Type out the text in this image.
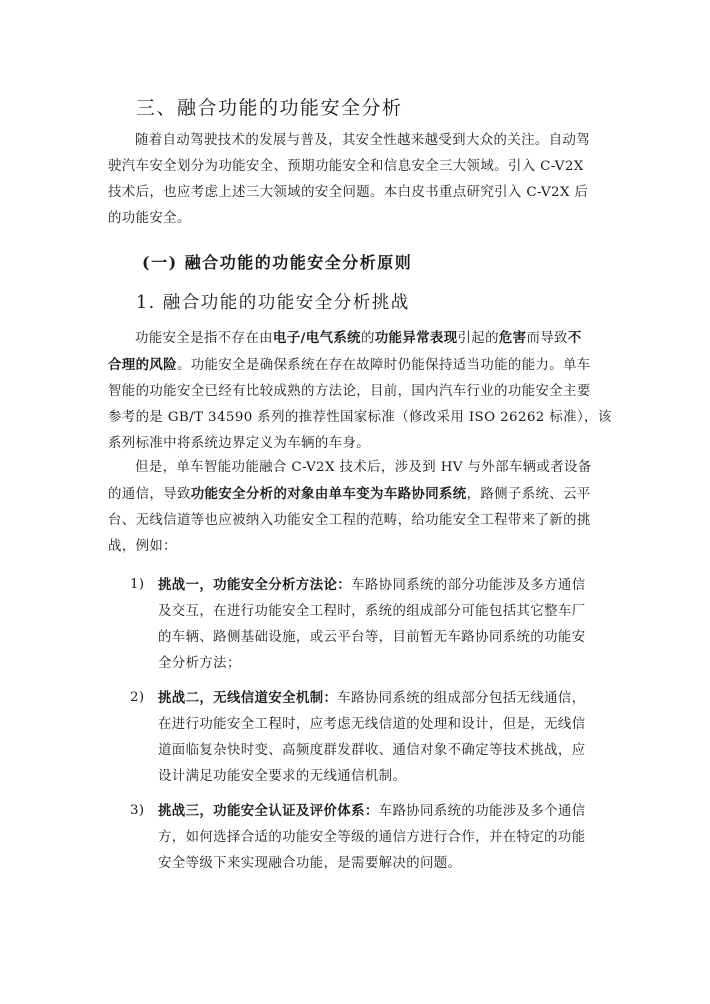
三、融合功能的功能安全分析

随着自动驾驶技术的发展与普及，其安全性越来越受到大众的关注。自动驾
驶汽车安全划分为功能安全、预期功能安全和信息安全三大领域。引入 C-V2X
技术后，也应考虑上述三大领域的安全问题。本白皮书重点研究引入 C-V2X 后
的功能安全。

(一) 融合功能的功能安全分析原则
1. 融合功能的功能安全分析挑战

功能安全是指不存在由电子/电气系统的功能异常表现引起的危害而导致不
合理的风险。功能安全是确保系统在存在故障时仍能保持适当功能的能力。单车
智能的功能安全已经有比较成熟的方法论，目前，国内汽车行业的功能安全主要
参考的是 GB/T 34590 系列的推荐性国家标准（修改采用 ISO 26262 标准），该
系列标准中将系统边界定义为车辆的车身。

但是，单车智能功能融合 C-V2X 技术后，涉及到 HV 与外部车辆或者设备
的通信，导致功能安全分析的对象由单车变为车路协同系统，路侧子系统、云平
台、无线信道等也应被纳入功能安全工程的范畴，给功能安全工程带来了新的挑
战，例如：

1) 挑战一，功能安全分析方法论：车路协同系统的部分功能涉及多方通信
及交互，在进行功能安全工程时，系统的组成部分可能包括其它整车厂
的车辆、路侧基础设施，或云平台等，目前暂无车路协同系统的功能安
全分析方法；
2) 挑战二，无线信道安全机制：车路协同系统的组成部分包括无线通信，
在进行功能安全工程时，应考虑无线信道的处理和设计，但是，无线信
道面临复杂快时变、高频度群发群收、通信对象不确定等技术挑战，应
设计满足功能安全要求的无线通信机制。
3) 挑战三，功能安全认证及评价体系：车路协同系统的功能涉及多个通信
方，如何选择合适的功能安全等级的通信方进行合作，并在特定的功能
安全等级下来实现融合功能，是需要解决的问题。
